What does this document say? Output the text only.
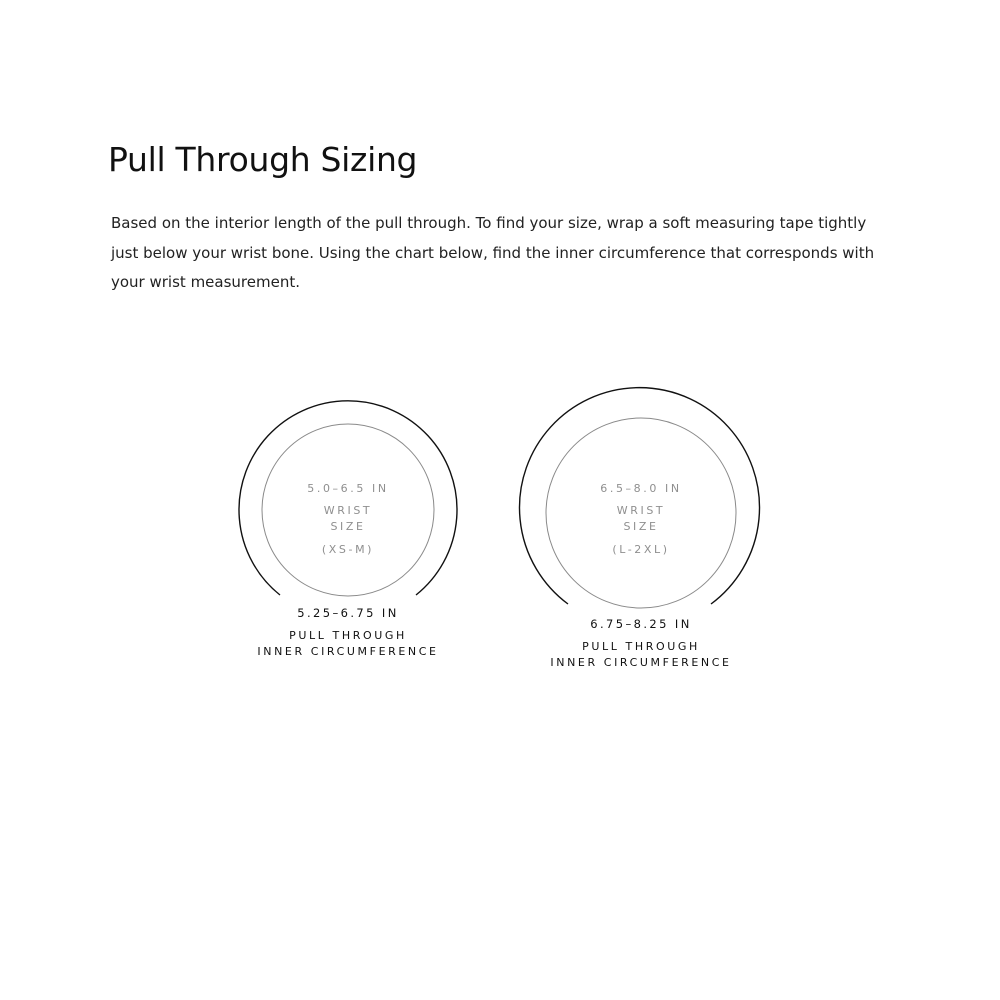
Pull Through Sizing

Based on the interior length of the pull through. To find your size, wrap a soft measuring tape tightly just below your wrist bone. Using the chart below, find the inner circumference that corresponds with your wrist measurement.

5.0–6.5 IN
WRIST
SIZE
(XS-M)
5.25–6.75 IN
PULL THROUGH
INNER CIRCUMFERENCE
6.5–8.0 IN
WRIST
SIZE
(L-2XL)
6.75–8.25 IN
PULL THROUGH
INNER CIRCUMFERENCE
